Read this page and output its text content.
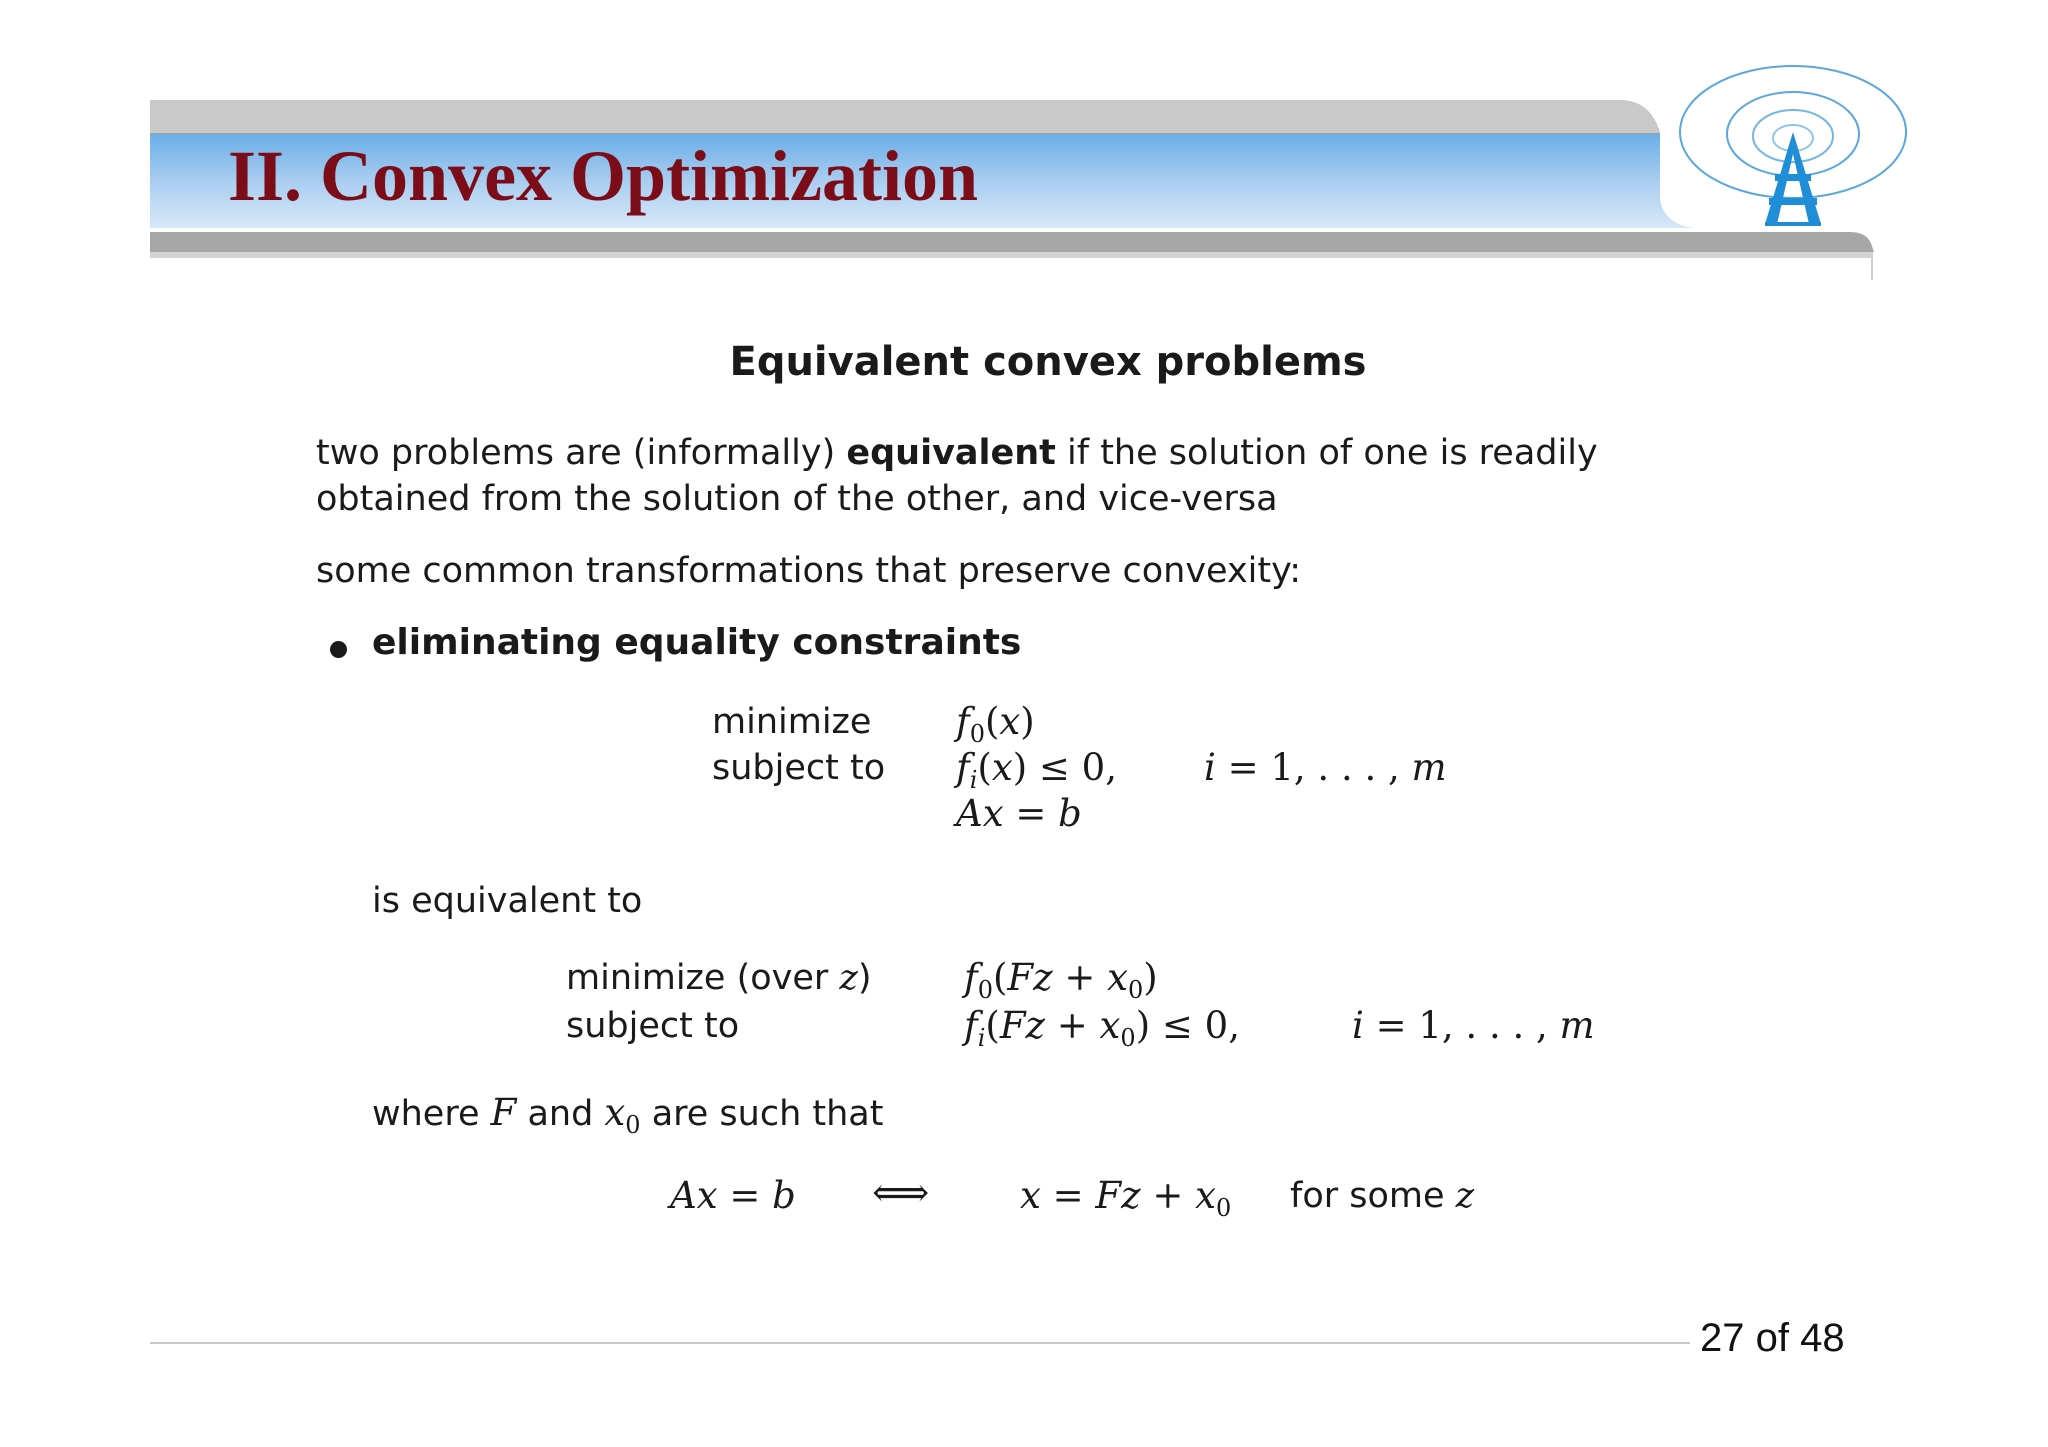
II. Convex Optimization
Equivalent convex problems

two problems are (informally) equivalent if the solution of one is readily

obtained from the solution of the other, and vice-versa

some common transformations that preserve convexity:

eliminating equality constraints
minimize
subject to
$f_0(x)$
$f_i(x) \le 0$, i = 1, . . . , m
Ax = b

is equivalent to

minimize (over z)
subject to
$f_0(Fz + x_0)$
$f_i(Fz + x_0) \le 0$,	i = 1, . . . , m

where F and $x_0$ are such that

Ax = b ⟺ $x = Fz + x_0$ for some z
27 of 48
